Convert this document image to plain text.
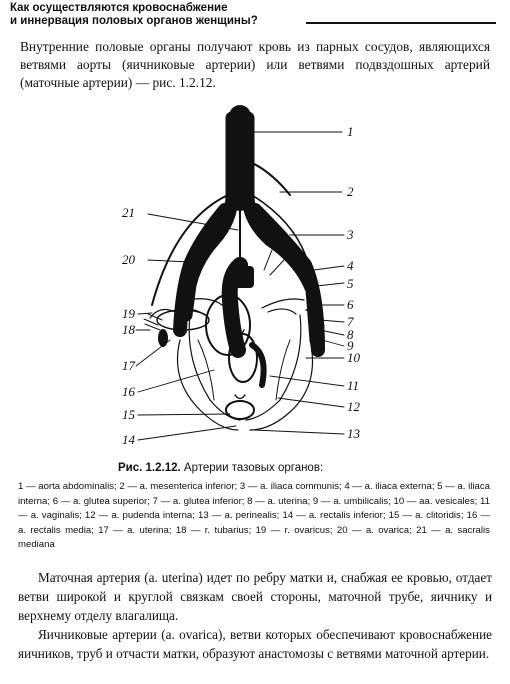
Как осуществляются кровоснабжение
и иннервация половых органов женщины?

Внутренние половые органы получают кровь из парных сосудов, являющихся ветвями аорты (яичниковые артерии) или ветвями подвздошных артерий (маточные артерии) — рис. 1.2.12.

1
2
21
3
20	4
5
19
6
18
7
8
9
17
10
16	11
12
15
13
14
Рис. 1.2.12. Артерии тазовых органов:
1 — aorta abdominalis; 2 — a. mesenterica inferior; 3 — a. iliaca communis; 4 — a. iliaca externa; 5 — a. iliaca interna; 6 — a. glutea superior; 7 — a. glutea inferior; 8 — a. uterina; 9 — a. umbilicalis; 10 — aa. vesicales; 11 — a. vaginalis; 12 — a. pudenda interna; 13 — a. perinealis; 14 — a. rectalis inferior; 15 — a. clitoridis; 16 — a. rectalis media; 17 — a. uterina; 18 — r. tubarius; 19 — r. ovaricus; 20 — a. ovarica; 21 — a. sacralis mediana

Маточная артерия (a. uterina) идет по ребру матки и, снабжая ее кровью, отдает ветви широкой и круглой связкам своей стороны, маточной трубе, яичнику и верхнему отделу влагалища.

Яичниковые артерии (a. ovarica), ветви которых обеспечивают кровоснабжение яичников, труб и отчасти матки, образуют анастомозы с ветвями маточной артерии.
